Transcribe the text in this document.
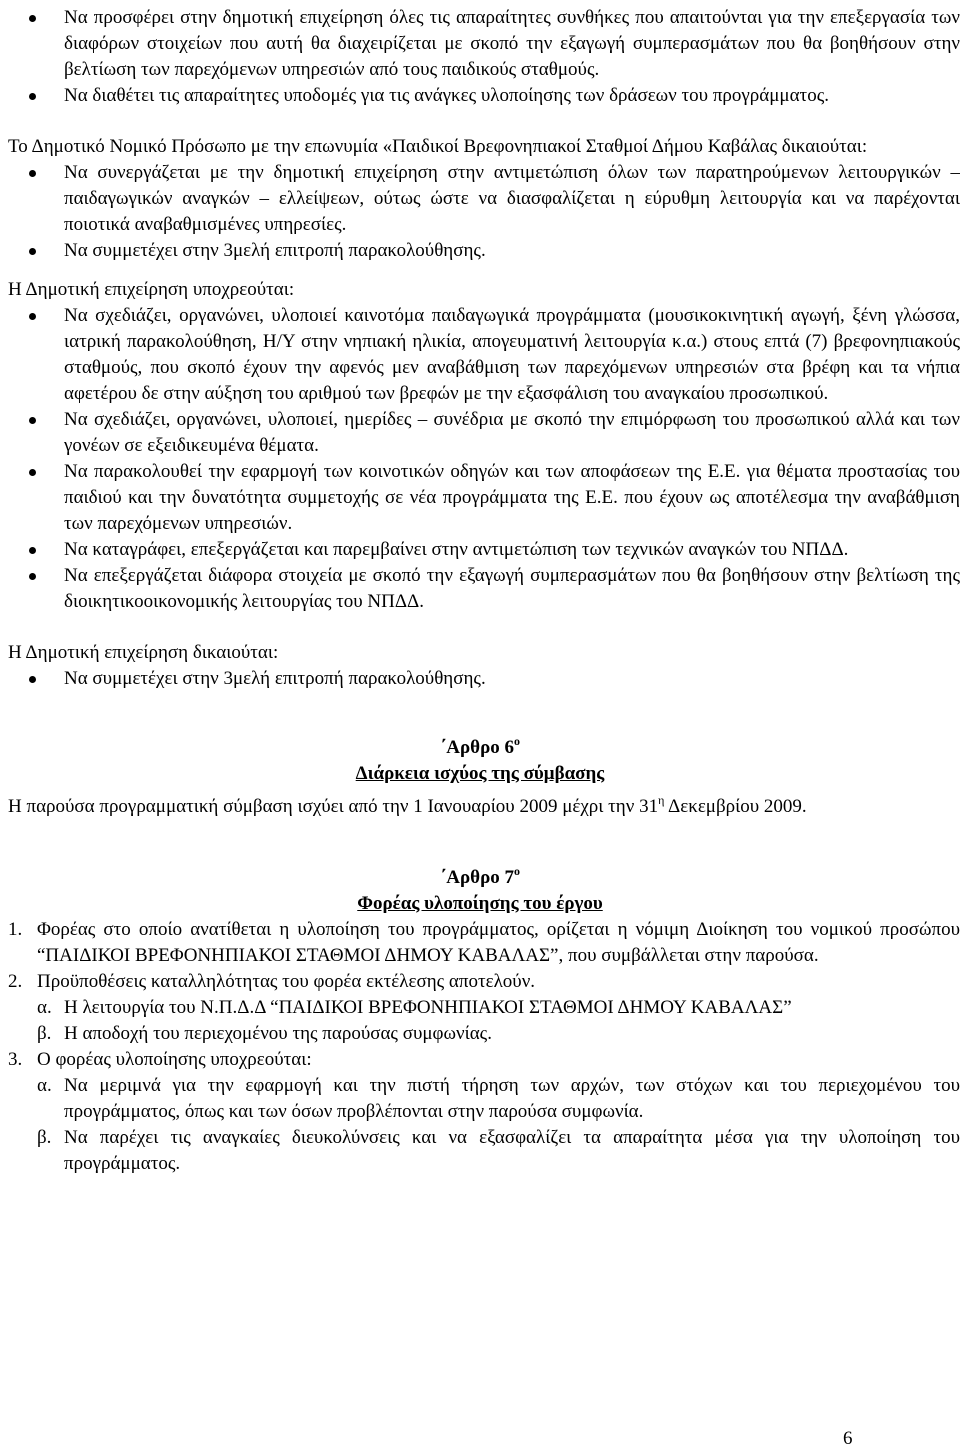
Να προσφέρει στην δημοτική επιχείρηση όλες τις απαραίτητες συνθήκες που απαιτούνται για την επεξεργασία των διαφόρων στοιχείων που αυτή θα διαχειρίζεται με σκοπό την εξαγωγή συμπερασμάτων που θα βοηθήσουν στην βελτίωση των παρεχόμενων υπηρεσιών από τους παιδικούς σταθμούς.
Να διαθέτει τις απαραίτητες υποδομές για τις ανάγκες υλοποίησης των δράσεων του προγράμματος.

Το Δημοτικό Νομικό Πρόσωπο με την επωνυμία «Παιδικοί Βρεφονηπιακοί Σταθμοί Δήμου Καβάλας δικαιούται:

Να συνεργάζεται με την δημοτική επιχείρηση στην αντιμετώπιση όλων των παρατηρούμενων λειτουργικών – παιδαγωγικών αναγκών – ελλείψεων, ούτως ώστε να διασφαλίζεται η εύρυθμη λειτουργία και να παρέχονται ποιοτικά αναβαθμισμένες υπηρεσίες.
Να συμμετέχει στην 3μελή επιτροπή παρακολούθησης.

Η Δημοτική επιχείρηση υποχρεούται:

Να σχεδιάζει, οργανώνει, υλοποιεί καινοτόμα παιδαγωγικά προγράμματα (μουσικοκινητική αγωγή, ξένη γλώσσα, ιατρική παρακολούθηση, Η/Υ στην νηπιακή ηλικία, απογευματινή λειτουργία κ.α.) στους επτά (7) βρεφονηπιακούς σταθμούς, που σκοπό έχουν την αφενός μεν αναβάθμιση των παρεχόμενων υπηρεσιών στα βρέφη και τα νήπια αφετέρου δε στην αύξηση του αριθμού των βρεφών με την εξασφάλιση του αναγκαίου προσωπικού.
Να σχεδιάζει, οργανώνει, υλοποιεί, ημερίδες – συνέδρια με σκοπό την επιμόρφωση του προσωπικού αλλά και των γονέων σε εξειδικευμένα θέματα.
Να παρακολουθεί την εφαρμογή των κοινοτικών οδηγών και των αποφάσεων της Ε.Ε. για θέματα προστασίας του παιδιού και την δυνατότητα συμμετοχής σε νέα προγράμματα της Ε.Ε. που έχουν ως αποτέλεσμα την αναβάθμιση των παρεχόμενων υπηρεσιών.
Να καταγράφει, επεξεργάζεται και παρεμβαίνει στην αντιμετώπιση των τεχνικών αναγκών του ΝΠΔΔ.
Να επεξεργάζεται διάφορα στοιχεία με σκοπό την εξαγωγή συμπερασμάτων που θα βοηθήσουν στην βελτίωση της διοικητικοοικονομικής λειτουργίας του ΝΠΔΔ.

Η Δημοτική επιχείρηση δικαιούται:

Να συμμετέχει στην 3μελή επιτροπή παρακολούθησης.
΄Αρθρο $6^o$
Διάρκεια ισχύος της σύμβασης

Η παρούσα προγραμματική σύμβαση ισχύει από την 1 Ιανουαρίου 2009 μέχρι την $31^\eta$ Δεκεμβρίου 2009.

΄Αρθρο $7^o$
Φορέας υλοποίησης του έργου
1. Φορέας στο οποίο ανατίθεται η υλοποίηση του προγράμματος, ορίζεται η νόμιμη Διοίκηση του νομικού προσώπου “ΠΑΙΔΙΚΟΙ ΒΡΕΦΟΝΗΠΙΑΚΟΙ ΣΤΑΘΜΟΙ ΔΗΜΟΥ ΚΑΒΑΛΑΣ”, που συμβάλλεται στην παρούσα.
2. Προϋποθέσεις καταλληλότητας του φορέα εκτέλεσης αποτελούν.
α. Η λειτουργία του Ν.Π.Δ.Δ “ΠΑΙΔΙΚΟΙ ΒΡΕΦΟΝΗΠΙΑΚΟΙ ΣΤΑΘΜΟΙ ΔΗΜΟΥ ΚΑΒΑΛΑΣ”
β. Η αποδοχή του περιεχομένου της παρούσας συμφωνίας.
3. Ο φορέας υλοποίησης υποχρεούται:
α. Να μεριμνά για την εφαρμογή και την πιστή τήρηση των αρχών, των στόχων και του περιεχομένου του προγράμματος, όπως και των όσων προβλέπονται στην παρούσα συμφωνία.
β. Να παρέχει τις αναγκαίες διευκολύνσεις και να εξασφαλίζει τα απαραίτητα μέσα για την υλοποίηση του προγράμματος.
6
